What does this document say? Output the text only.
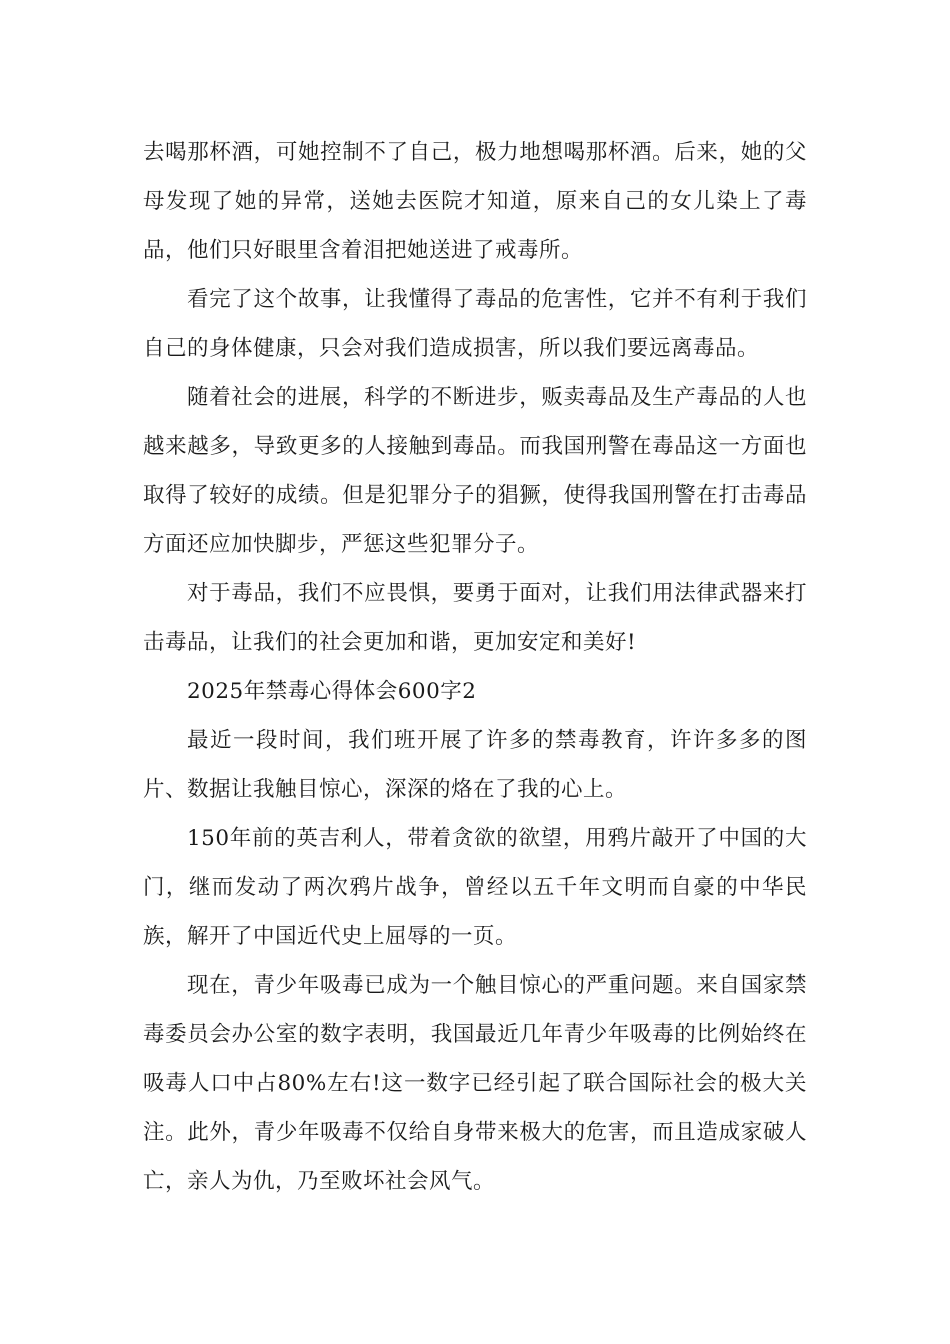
去喝那杯酒，可她控制不了自己，极力地想喝那杯酒。后来，她的父母发现了她的异常，送她去医院才知道，原来自己的女儿染上了毒品，他们只好眼里含着泪把她送进了戒毒所。

看完了这个故事，让我懂得了毒品的危害性，它并不有利于我们自己的身体健康，只会对我们造成损害，所以我们要远离毒品。

随着社会的进展，科学的不断进步，贩卖毒品及生产毒品的人也越来越多，导致更多的人接触到毒品。而我国刑警在毒品这一方面也取得了较好的成绩。但是犯罪分子的猖獗，使得我国刑警在打击毒品方面还应加快脚步，严惩这些犯罪分子。

对于毒品，我们不应畏惧，要勇于面对，让我们用法律武器来打击毒品，让我们的社会更加和谐，更加安定和美好!

2025年禁毒心得体会600字2

最近一段时间，我们班开展了许多的禁毒教育，许许多多的图片、数据让我触目惊心，深深的烙在了我的心上。

150年前的英吉利人，带着贪欲的欲望，用鸦片敲开了中国的大门，继而发动了两次鸦片战争，曾经以五千年文明而自豪的中华民族，解开了中国近代史上屈辱的一页。

现在，青少年吸毒已成为一个触目惊心的严重问题。来自国家禁毒委员会办公室的数字表明，我国最近几年青少年吸毒的比例始终在吸毒人口中占80%左右!这一数字已经引起了联合国际社会的极大关注。此外，青少年吸毒不仅给自身带来极大的危害，而且造成家破人亡，亲人为仇，乃至败坏社会风气。
